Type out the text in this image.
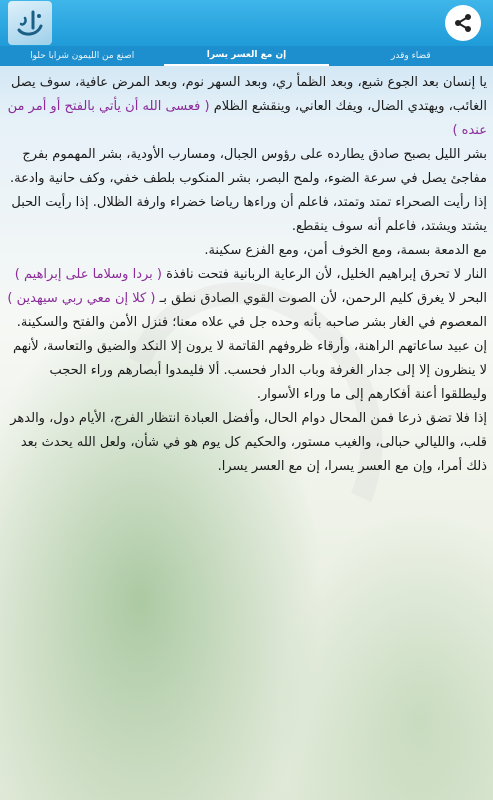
قضاء وقدر
إن مع العسر يسرا
اصنع من الليمون شرابا حلوا

يا إنسان بعد الجوع شبع، وبعد الظمأ ري، وبعد السهر نوم، وبعد المرض عافية، سوف يصل الغائب، ويهتدي الضال، ويفك العاني، وينقشع الظلام ( فعسى الله أن يأتي بالفتح أو أمر من عنده )

بشر الليل بصبح صادق يطارده على رؤوس الجبال، ومسارب الأودية، بشر المهموم بفرج مفاجئ يصل في سرعة الضوء، ولمح البصر، بشر المنكوب بلطف خفي، وكف حانية وادعة.

إذا رأيت الصحراء تمتد وتمتد، فاعلم أن وراءها رياضا خضراء وارفة الظلال. إذا رأيت الحبل يشتد ويشتد، فاعلم أنه سوف ينقطع.

مع الدمعة بسمة، ومع الخوف أمن، ومع الفزع سكينة.

النار لا تحرق إبراهيم الخليل، لأن الرعاية الربانية فتحت نافذة ( بردا وسلاما على إبراهيم )

البحر لا يغرق كليم الرحمن، لأن الصوت القوي الصادق نطق بـ ( كلا إن معي ربي سيهدين )

المعصوم في الغار بشر صاحبه بأنه وحده جل في علاه معنا؛ فنزل الأمن والفتح والسكينة.

إن عبيد ساعاتهم الراهنة، وأرقاء ظروفهم القاتمة لا يرون إلا النكد والضيق والتعاسة، لأنهم لا ينظرون إلا إلى جدار الغرفة وباب الدار فحسب. ألا فليمدوا أبصارهم وراء الحجب وليطلقوا أعنة أفكارهم إلى ما وراء الأسوار.

إذا فلا تضق ذرعا فمن المحال دوام الحال، وأفضل العبادة انتظار الفرج، الأيام دول، والدهر قلب، والليالي حبالى، والغيب مستور، والحكيم كل يوم هو في شأن، ولعل الله يحدث بعد ذلك أمرا، وإن مع العسر يسرا، إن مع العسر يسرا.
